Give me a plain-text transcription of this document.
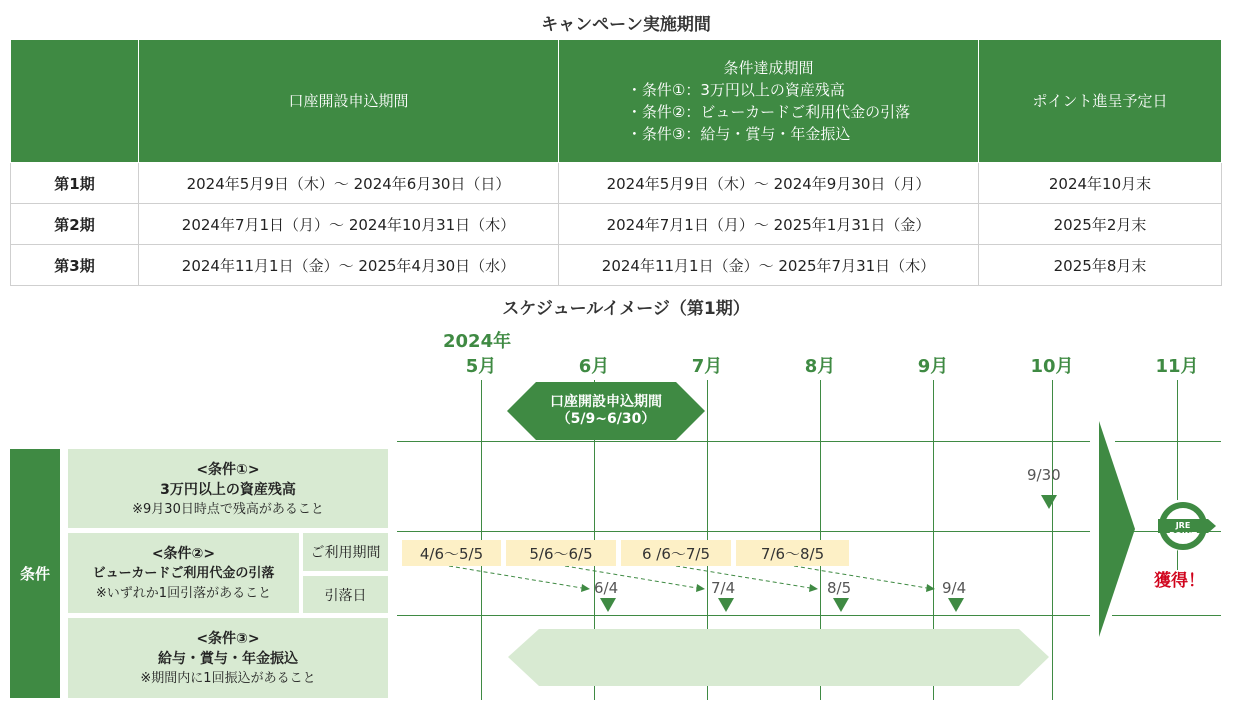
キャンペーン実施期間
	口座開設申込期間	条件達成期間
・条件①：3万円以上の資産残高
・条件②：ビューカードご利用代金の引落
・条件③：給与・賞与・年金振込	ポイント進呈予定日
第1期	2024年5月9日（木）～ 2024年6月30日（日）	2024年5月9日（木）～ 2024年9月30日（月）	2024年10月末
第2期	2024年7月1日（月）～ 2024年10月31日（木）	2024年7月1日（月）～ 2025年1月31日（金）	2025年2月末
第3期	2024年11月1日（金）～ 2025年4月30日（水）	2024年11月1日（金）～ 2025年7月31日（木）	2025年8月末
スケジュールイメージ（第1期）
2024年
5月	6月	7月	8月	9月	10月	11月
口座開設申込期間
（5/9~6/30）
JRE POINT
獲得！
条件
<条件①>
3万円以上の資産残高
※9月30日時点で残高があること
<条件②>
ビューカードご利用代金の引落
※いずれか1回引落があること
ご利用期間
引落日
<条件③>
給与・賞与・年金振込
※期間内に1回振込があること
9/30
4/6～5/5	5/6～6/5	6 /6～7/5	7/6～8/5
6/4	7/4	8/5	9/4
